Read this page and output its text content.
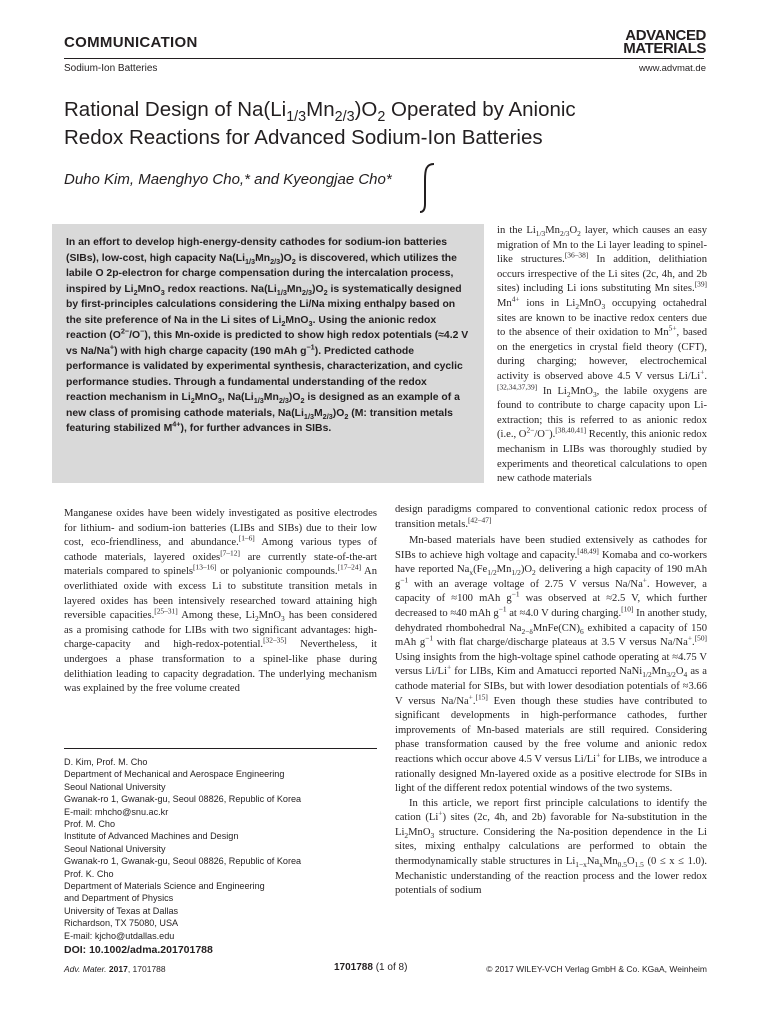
COMMUNICATION
Sodium-Ion Batteries
ADVANCED
MATERIALS
www.advmat.de
Rational Design of $Na(Li_{1/3}Mn_{2/3})O_2$ Operated by Anionic
Redox Reactions for Advanced Sodium-Ion Batteries
Duho Kim, Maenghyo Cho,* and Kyeongjae Cho*
In an effort to develop high-energy-density cathodes for sodium-ion batteries (SIBs), low-cost, high capacity $Na(Li_{1/3}Mn_{2/3})O_2$ is discovered, which utilizes the labile O 2p-electron for charge compensation during the intercalation process, inspired by $Li_2MnO_3$ redox reactions. $Na(Li_{1/3}Mn_{2/3})O_2$ is systematically designed by first-principles calculations considering the Li/Na mixing enthalpy based on the site preference of Na in the Li sites of $Li_2MnO_3$. Using the anionic redox reaction $(O^{2-}/O^-)$, this Mn-oxide is predicted to show high redox potentials (≈4.2 V vs Na/Na+) with high charge capacity (190 mAh $g^{-1}$). Predicted cathode performance is validated by experimental synthesis, characterization, and cyclic performance studies. Through a fundamental understanding of the redox reaction mechanism in $Li_2MnO_3$, $Na(Li_{1/3}Mn_{2/3})O_2$ is designed as an example of a new class of promising cathode materials, $Na(Li_{1/3}M_{2/3})O_2$ (M: transition metals featuring stabilized $M^{4+}$), for further advances in SIBs.
in the $Li_{1/3}Mn_{2/3}O_2$ layer, which causes an easy migration of Mn to the Li layer leading to spinel-like structures.[36–38] In addition, delithiation occurs irrespective of the Li sites (2c, 4h, and 2b sites) including Li ions substituting Mn sites.[39] $Mn^{4+}$ ions in $Li_2MnO_3$ occupying octahedral sites are known to be inactive redox centers due to the absence of their oxidation to $Mn^{5+}$, based on the energetics in crystal field theory (CFT), during charging; however, electrochemical activity is observed above 4.5 V versus Li/Li+.[32,34,37,39] In $Li_2MnO_3$, the labile oxygens are found to contribute to charge capacity upon Li-extraction; this is referred to as anionic redox (i.e., $O^{2-}/O^-).[38,40,41]$ Recently, this anionic redox mechanism in LIBs was thoroughly studied by experiments and theoretical calculations to open new cathode materials
design paradigms compared to conventional cationic redox process of transition metals.[42–47]
Manganese oxides have been widely investigated as positive electrodes for lithium- and sodium-ion batteries (LIBs and SIBs) due to their low cost, eco-friendliness, and abundance.[1–6] Among various types of cathode materials, layered oxides[7–12] are currently state-of-the-art materials compared to spinels[13–16] or polyanionic compounds.[17–24] An overlithiated oxide with excess Li to substitute transition metals in layered oxides has been intensively researched toward attaining high reversible capacities.[25–31] Among these, $Li_2MnO_3$ has been considered as a promising cathode for LIBs with two significant advantages: high-charge-capacity and high-redox-potential.[32–35] Nevertheless, it undergoes a phase transformation to a spinel-like phase during delithiation leading to capacity degradation. The underlying mechanism was explained by the free volume created
D. Kim, Prof. M. Cho
Department of Mechanical and Aerospace Engineering
Seoul National University
Gwanak-ro 1, Gwanak-gu, Seoul 08826, Republic of Korea
E-mail: mhcho@snu.ac.kr
Prof. M. Cho
Institute of Advanced Machines and Design
Seoul National University
Gwanak-ro 1, Gwanak-gu, Seoul 08826, Republic of Korea
Prof. K. Cho
Department of Materials Science and Engineering
and Department of Physics
University of Texas at Dallas
Richardson, TX 75080, USA
E-mail: kjcho@utdallas.edu
DOI: 10.1002/adma.201701788

Mn-based materials have been studied extensively as cathodes for SIBs to achieve high voltage and capacity.[48,49] Komaba and co-workers have reported $Na_x(Fe_{1/2}Mn_{1/2})O_2$ delivering a high capacity of 190 mAh $g^{-1}$ with an average voltage of 2.75 V versus Na/Na+. However, a capacity of ≈100 mAh $g^{-1}$ was observed at ≈2.5 V, which further decreased to ≈40 mAh $g^{-1}$ at ≈4.0 V during charging.[10] In another study, dehydrated rhombohedral $Na_{2-\delta}MnFe(CN)_6$ exhibited a capacity of 150 mAh $g^{-1}$ with flat charge/discharge plateaus at 3.5 V versus Na/Na+.[50] Using insights from the high-voltage spinel cathode operating at ≈4.75 V versus Li/Li+ for LIBs, Kim and Amatucci reported $NaNi_{1/2}Mn_{3/2}O_4$ as a cathode material for SIBs, but with lower desodiation potentials of ≈3.66 V versus Na/Na+.[15] Even though these studies have contributed to significant developments in high-performance cathodes, further improvements of Mn-based materials are still required. Considering phase transformation caused by the free volume and anionic redox reactions which occur above 4.5 V versus Li/Li+ for LIBs, we introduce a rationally designed Mn-layered oxide as a positive electrode for SIBs in light of the different redox potential windows of the two systems.

In this article, we report first principle calculations to identify the cation (Li+) sites (2c, 4h, and 2b) favorable for Na-substitution in the $Li_2MnO_3$ structure. Considering the Na-position dependence in the Li sites, mixing enthalpy calculations are performed to obtain the thermodynamically stable structures in $Li_{1-x}Na_xMn_{0.5}O_{1.5}$ (0 ≤ x ≤ 1.0). Mechanistic understanding of the reaction process and the lower redox potentials of sodium

Adv. Mater. 2017, 1701788	1701788 (1 of 8)	© 2017 WILEY-VCH Verlag GmbH & Co. KGaA, Weinheim
